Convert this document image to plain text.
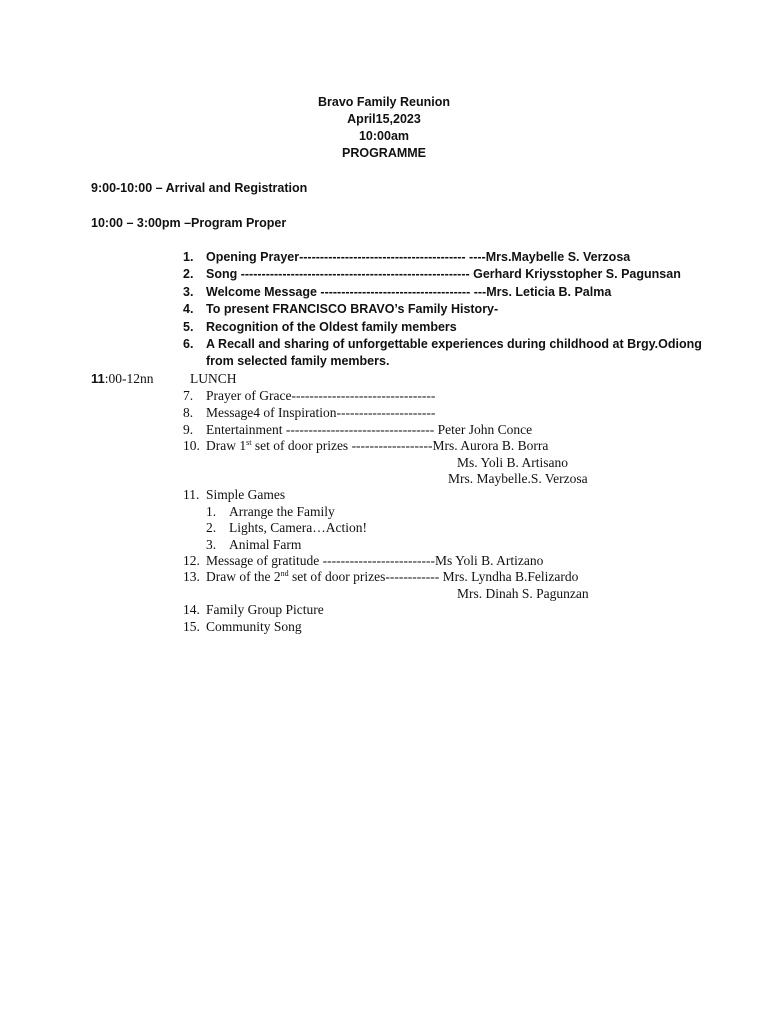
Bravo Family Reunion
April15,2023
10:00am
PROGRAMME
9:00-10:00 – Arrival and Registration
10:00 – 3:00pm –Program Proper
1. Opening Prayer---------------------------------------- ----Mrs.Maybelle S. Verzosa
2. Song ------------------------------------------------------- Gerhard Kriysstopher S. Pagunsan
3. Welcome Message ------------------------------------ ---Mrs. Leticia B. Palma
4. To present FRANCISCO BRAVO’s Family History-
5. Recognition of the Oldest family members
6. A Recall and sharing of unforgettable experiences during childhood at Brgy.Odiong
from selected family members.
11:00-12nn	LUNCH
7. Prayer of Grace--------------------------------
8. Message4 of Inspiration----------------------
9. Entertainment --------------------------------- Peter John Conce
10. Draw 1st set of door prizes ------------------Mrs. Aurora B. Borra
Ms. Yoli B. Artisano
Mrs. Maybelle.S. Verzosa
11. Simple Games
1. Arrange the Family
2. Lights, Camera…Action!
3. Animal Farm
12. Message of gratitude -------------------------Ms Yoli B. Artizano
13. Draw of the 2nd set of door prizes------------ Mrs. Lyndha B.Felizardo
Mrs. Dinah S. Pagunzan
14. Family Group Picture
15. Community Song
